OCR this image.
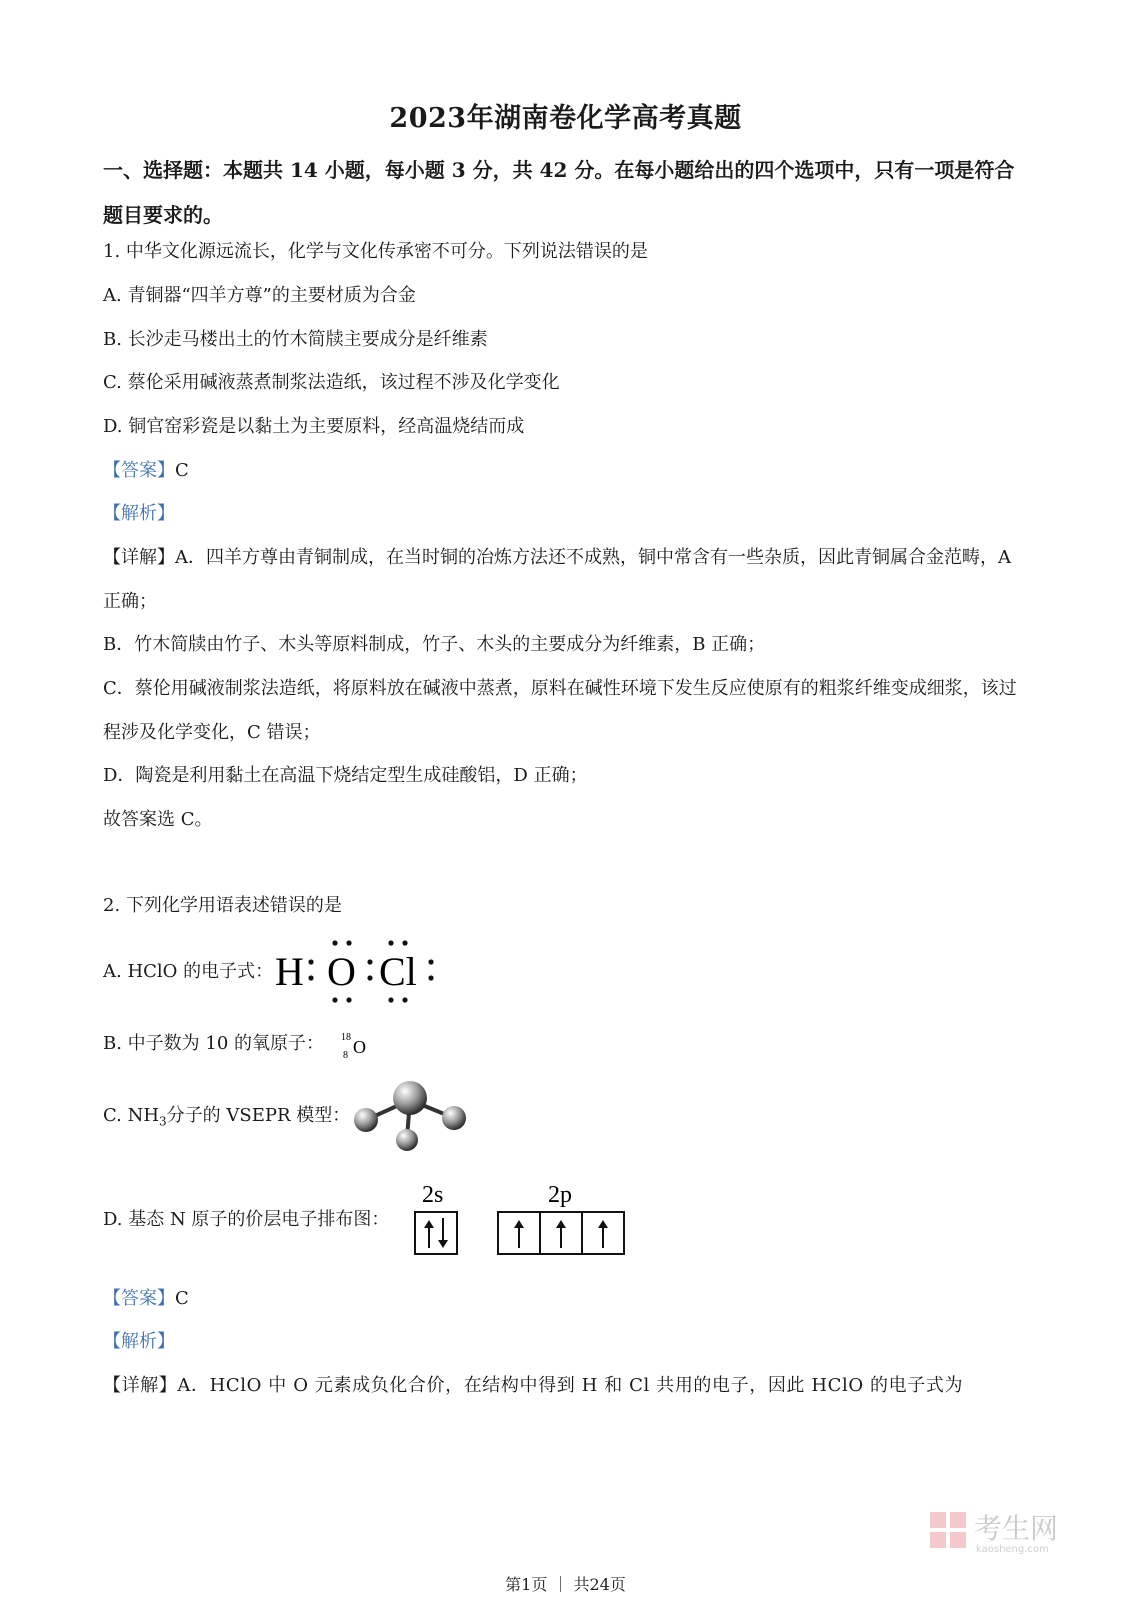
2023年湖南卷化学高考真题
一、选择题：本题共 14 小题，每小题 3 分，共 42 分。在每小题给出的四个选项中，只有一项是符合题目要求的。
1. 中华文化源远流长，化学与文化传承密不可分。下列说法错误的是
A. 青铜器“四羊方尊”的主要材质为合金
B. 长沙走马楼出土的竹木简牍主要成分是纤维素
C. 蔡伦采用碱液蒸煮制浆法造纸，该过程不涉及化学变化
D. 铜官窑彩瓷是以黏土为主要原料，经高温烧结而成
【答案】C
【解析】
【详解】A．四羊方尊由青铜制成，在当时铜的冶炼方法还不成熟，铜中常含有一些杂质，因此青铜属合金范畴，A 正确；
B．竹木简牍由竹子、木头等原料制成，竹子、木头的主要成分为纤维素，B 正确；
C．蔡伦用碱液制浆法造纸，将原料放在碱液中蒸煮，原料在碱性环境下发生反应使原有的粗浆纤维变成细浆，该过程涉及化学变化，C 错误；
D．陶瓷是利用黏土在高温下烧结定型生成硅酸铝，D 正确；
故答案选 C。
2. 下列化学用语表述错误的是
A. HClO 的电子式： H O Cl
B. 中子数为 10 的氧原子：	18
8 O
C. $NH_3$分子的 VSEPR 模型：
D. 基态 N 原子的价层电子排布图：
2s	2p
【答案】C
【解析】
【详解】A．HClO 中 O 元素成负化合价，在结构中得到 H 和 Cl 共用的电子，因此 HClO 的电子式为
考生网
kaosheng.com
第1页 ｜ 共24页
